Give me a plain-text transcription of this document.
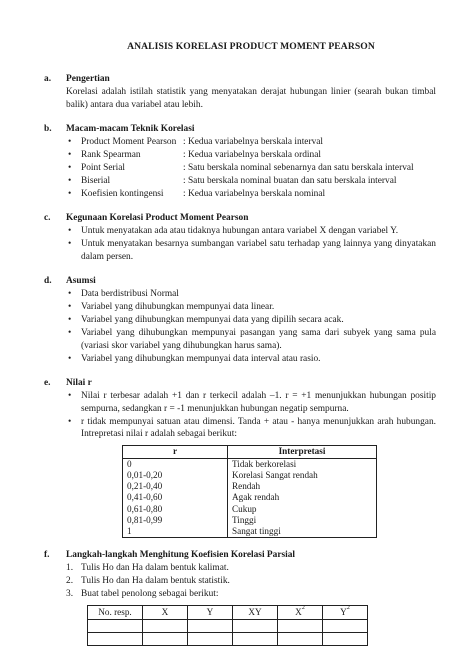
ANALISIS KORELASI PRODUCT MOMENT PEARSON
a. Pengertian

Korelasi adalah istilah statistik yang menyatakan derajat hubungan linier (searah bukan timbal balik) antara dua variabel atau lebih.

b. Macam-macam Teknik Korelasi
• Product Moment Pearson : Kedua variabelnya berskala interval
• Rank Spearman	: Kedua variabelnya berskala ordinal
• Point Serial	: Satu berskala nominal sebenarnya dan satu berskala interval
• Biserial	: Satu berskala nominal buatan dan satu berskala interval
• Koefisien kontingensi	: Kedua variabelnya berskala nominal
c. Kegunaan Korelasi Product Moment Pearson
• Untuk menyatakan ada atau tidaknya hubungan antara variabel X dengan variabel Y.
• Untuk menyatakan besarnya sumbangan variabel satu terhadap yang lainnya yang dinyatakan dalam persen.
d. Asumsi
• Data berdistribusi Normal
• Variabel yang dihubungkan mempunyai data linear.
• Variabel yang dihubungkan mempunyai data yang dipilih secara acak.
• Variabel yang dihubungkan mempunyai pasangan yang sama dari subyek yang sama pula (variasi skor variabel yang dihubungkan harus sama).
• Variabel yang dihubungkan mempunyai data interval atau rasio.
e. Nilai r
• Nilai r terbesar adalah +1 dan r terkecil adalah –1. r = +1 menunjukkan hubungan positip sempurna, sedangkan r = -1 menunjukkan hubungan negatip sempurna.
• r tidak mempunyai satuan atau dimensi. Tanda + atau - hanya menunjukkan arah hubungan. Intrepretasi nilai r adalah sebagai berikut:
r	Interpretasi
0	Tidak berkorelasi
0,01-0,20	Korelasi Sangat rendah
0,21-0,40	Rendah
0,41-0,60	Agak rendah
0,61-0,80	Cukup
0,81-0,99	Tinggi
1	Sangat tinggi
f. Langkah-langkah Menghitung Koefisien Korelasi Parsial
1. Tulis Ho dan Ha dalam bentuk kalimat.
2. Tulis Ho dan Ha dalam bentuk statistik.
3. Buat tabel penolong sebagai berikut:
No. resp.	X	Y	XY	$X^2$	$Y^2$
